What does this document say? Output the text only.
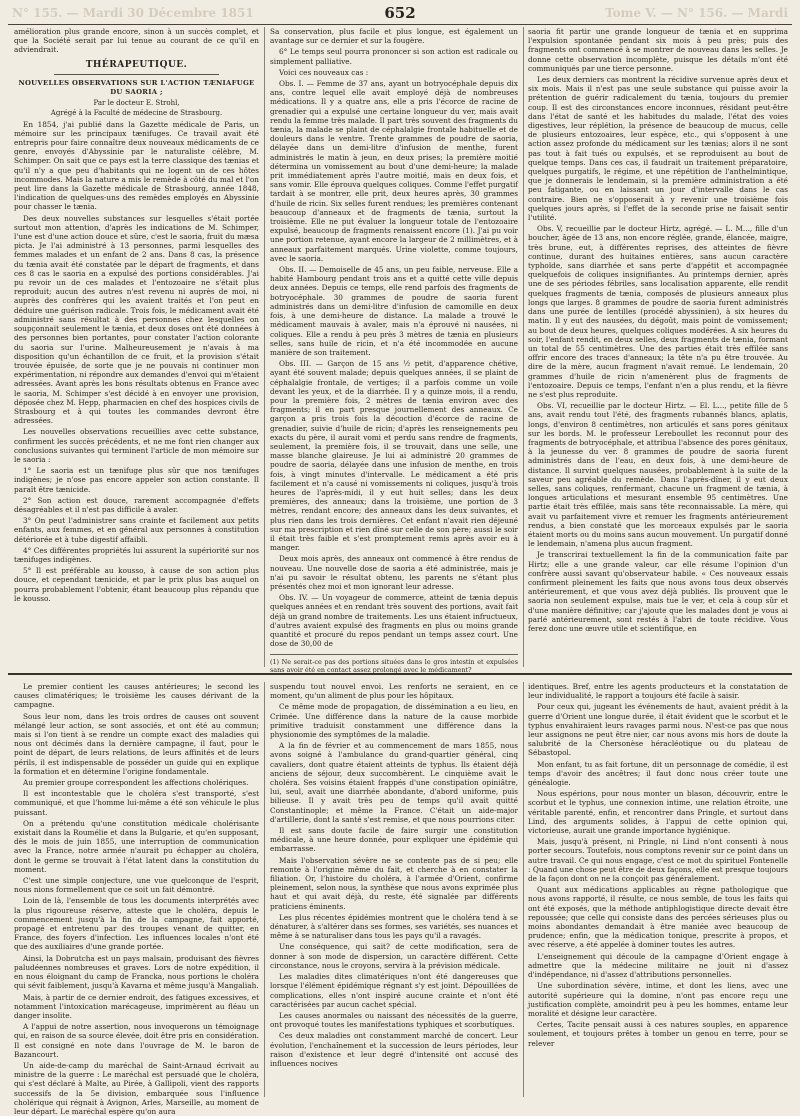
N° 155. — Mardi 30 Décembre 1851	652	Tome V. — N° 156. — Mardi

amélioration plus grande encore, sinon à un succès complet, et que la Société serait par lui tenue au courant de ce qu'il en adviendrait.

THÉRAPEUTIQUE.
NOUVELLES OBSERVATIONS SUR L'ACTION TÆNIAFUGE DU SAORIA ;
Par le docteur E. Strohl,
Agrégé à la Faculté de médecine de Strasbourg.

En 1854, j'ai publié dans la Gazette médicale de Paris, un mémoire sur les principaux tænifuges. Ce travail avait été entrepris pour faire connaître deux nouveaux médicaments de ce genre, envoyés d'Abyssinie par le naturaliste célèbre, M. Schimper. On sait que ce pays est la terre classique des tænias et qu'il n'y a que peu d'habitants qui ne logent un de ces hôtes incommodes. Mais la nature a mis le remède à côté du mal et l'on peut lire dans la Gazette médicale de Strasbourg, année 1848, l'indication de quelques-uns des remèdes employés en Abyssinie pour chasser le tænia.

Des deux nouvelles substances sur lesquelles s'était portée surtout mon attention, d'après les indications de M. Schimper, l'une est d'une action douce et sûre, c'est le saoria, fruit du mæsa picta. Je l'ai administré à 13 personnes, parmi lesquelles des femmes malades et un enfant de 2 ans. Dans 8 cas, la présence du tænia avait été constatée par le départ de fragments, et dans ces 8 cas le saoria en a expulsé des portions considérables. J'ai pu revoir un de ces malades et l'entozoaire ne s'était plus reproduit; aucun des autres n'est revenu ni auprès de moi, ni auprès des confrères qui les avaient traités et l'on peut en déduire une guérison radicale. Trois fois, le médicament avait été administré sans résultat à des personnes chez lesquelles on soupçonnait seulement le tænia, et deux doses ont été données à des personnes bien portantes, pour constater l'action colorante du saoria sur l'urine. Malheureusement je n'avais à ma disposition qu'un échantillon de ce fruit, et la provision s'était trouvée épuisée, de sorte que je ne pouvais ni continuer mon expérimentation, ni répondre aux demandes d'envoi qui m'étaient adressées. Avant après les bons résultats obtenus en France avec le saoria, M. Schimper s'est décidé à en envoyer une provision, déposée chez M. Hepp, pharmacien en chef des hospices civils de Strasbourg et à qui toutes les commandes devront être adressées.

Les nouvelles observations recueillies avec cette substance, confirment les succès précédents, et ne me font rien changer aux conclusions suivantes qui terminent l'article de mon mémoire sur le saoria :

1° Le saoria est un tænifuge plus sûr que nos tænifuges indigènes; je n'ose pas encore appeler son action constante. Il paraît être tænicide.

2° Son action est douce, rarement accompagnée d'effets désagréables et il n'est pas difficile à avaler.

3° On peut l'administrer sans crainte et facilement aux petits enfants, aux femmes, et en général aux personnes à constitution détériorée et à tube digestif affaibli.

4° Ces différentes propriétés lui assurent la supériorité sur nos tænifuges indigènes.

5° Il est préférable au kousso, à cause de son action plus douce, et cependant tænicide, et par le prix plus bas auquel on pourra probablement l'obtenir, étant beaucoup plus répandu que le kousso.

Sa conservation, plus facile et plus longue, est également un avantage sur ce dernier et sur la fougère.

6° Le temps seul pourra prononcer si son action est radicale ou simplement palliative.

Voici ces nouveaux cas :

Obs. I. — Femme de 37 ans, ayant un botryocéphale depuis dix ans, contre lequel elle avait employé déjà de nombreuses médications. Il y a quatre ans, elle a pris l'écorce de racine de grenadier qui a expulsé une certaine longueur du ver, mais avait rendu la femme très malade. Il part très souvent des fragments du tænia, la malade se plaint de céphalalgie frontale habituelle et de douleurs dans le ventre. Trente grammes de poudre de saoria, délayée dans un demi-litre d'infusion de menthe, furent administrés le matin à jeun, en deux prises; la première moitié détermina un vomissement au bout d'une demi-heure; la malade prit immédiatement après l'autre moitié, mais en deux fois, et sans vomir. Elle éprouva quelques coliques. Comme l'effet purgatif tardait à se montrer, elle prit, deux heures après, 30 grammes d'huile de ricin. Six selles furent rendues; les premières contenant beaucoup d'anneaux et de fragments de tænia, surtout la troisième. Elle ne put évaluer la longueur totale de l'entozoaire expulsé, beaucoup de fragments renaissent encore (1). J'ai pu voir une portion retenue, ayant encore la largeur de 2 millimètres, et à anneaux parfaitement marqués. Urine violette, comme toujours, avec le saoria.

Obs. II. — Demoiselle de 45 ans, un peu faible, nerveuse. Elle a habité Hambourg pendant trois ans et a quitté cette ville depuis deux années. Depuis ce temps, elle rend parfois des fragments de botryocéphale. 30 grammes de poudre de saoria furent administrés dans un demi-litre d'infusion de camomille en deux fois, à une demi-heure de distance. La malade a trouvé le médicament mauvais à avaler, mais n'a éprouvé ni nausées, ni coliques. Elle a rendu à peu près 3 mètres de tænia en plusieurs selles, sans huile de ricin, et n'a été incommodée en aucune manière de son traitement.

Obs. III. — Garçon de 15 ans ½ petit, d'apparence chétive, ayant été souvent malade; depuis quelques années, il se plaint de céphalalgie frontale, de vertiges; il a parfois comme un voile devant les yeux, et de la diarrhée. Il y a quinze mois, il a rendu, pour la première fois, 2 mètres de tænia environ avec des fragments; il en part presque journellement des anneaux. Ce garçon a pris trois fois la décoction d'écorce de racine de grenadier, suivie d'huile de ricin; d'après les renseignements peu exacts du père, il aurait vomi et perdu sans rendre de fragments, seulement, la première fois, il se trouvait, dans une selle, une masse blanche glaireuse. Je lui ai administré 20 grammes de poudre de saoria, délayée dans une infusion de menthe, en trois fois, à vingt minutes d'intervalle. Le médicament a été pris facilement et n'a causé ni vomissements ni coliques, jusqu'à trois heures de l'après-midi, il y eut huit selles; dans les deux premières, des anneaux; dans la troisième, une portion de 3 mètres, rendant encore; des anneaux dans les deux suivantes, et plus rien dans les trois dernières. Cet enfant n'avait rien déjeuné sur ma prescription et rien dîné sur celle de son père; aussi le soir il était très faible et s'est promptement remis après avoir eu à manger.

Deux mois après, des anneaux ont commencé à être rendus de nouveau. Une nouvelle dose de saoria a été administrée, mais je n'ai pu savoir le résultat obtenu, les parents ne s'étant plus présentés chez moi et mon ignorant leur adresse.

Obs. IV. — Un voyageur de commerce, atteint de tænia depuis quelques années et en rendant très souvent des portions, avait fait déjà un grand nombre de traitements. Les uns étaient infructueux, d'autres avaient expulsé des fragments en plus ou moins grande quantité et procuré du repos pendant un temps assez court. Une dose de 30,00 de

(1) Ne serait-ce pas des portions situées dans le gros intestin et expulsées sans avoir été en contact assez prolongé avec le médicament?

saoria fit partir une grande longueur de tænia et en supprima l'expulsion spontanée pendant six mois à peu près; puis des fragments ont commencé à se montrer de nouveau dans les selles. Je donne cette observation incomplète, puisque les détails m'ont été communiqués par une tierce personne.

Les deux derniers cas montrent la récidive survenue après deux et six mois. Mais il n'est pas une seule substance qui puisse avoir la prétention de guérir radicalement du tænia, toujours du premier coup. Il est des circonstances encore inconnues, résidant peut-être dans l'état de santé et les habitudes du malade, l'état des voies digestives, leur réplétion, la présence de beaucoup de mucus, celle de plusieurs entozoaires, leur espèce, etc., qui s'opposent à une action assez profonde du médicament sur les tænias; alors il ne sont pas tout à fait tués ou expulsés, et se reproduisent au bout de quelque temps. Dans ces cas, il faudrait un traitement préparatoire, quelques purgatifs, le régime, et une répétition de l'anthelmintique, que je donnerais le lendemain, si la première administration a été peu fatigante, ou en laissant un jour d'intervalle dans le cas contraire. Bien ne s'opposerait à y revenir une troisième fois quelques jours après, si l'effet de la seconde prise ne faisait sentir l'utilité.

Obs. V, recueillie par le docteur Hirtz, agrégé. — L. M..., fille d'un boucher, âgée de 13 ans, non encore réglée, grande, élancée, maigre, très brune, eut, à différentes reprises, des atteintes de fièvre continue, durant des huitaines entières, sans aucun caractère typhoïde, sans diarrhée et sans perte d'appétit et accompagnée quelquefois de coliques insignifiantes. Au printemps dernier, après une de ses périodes fébriles, sans localisation apparente, elle rendit quelques fragments de tænia, composés de plusieurs anneaux plus longs que larges. 8 grammes de poudre de saoria furent administrés dans une purée de lentilles (procédé abyssinien), à six heures du matin. Il y eut des nausées, du dégoût, mais point de vomissement; au bout de deux heures, quelques coliques modérées. A six heures du soir, l'enfant rendit, en deux selles, deux fragments de tænia, formant un total de 55 centimètres. Une des parties était très effilée sans offrir encore des traces d'anneaux; la tête n'a pu être trouvée. Au dire de la mère, aucun fragment n'avait remué. Le lendemain, 20 grammes d'huile de ricin n'amenèrent plus de fragments de l'entozoaire. Depuis ce temps, l'enfant n'en a plus rendu, et la fièvre ne s'est plus reproduite.

Obs. VI, recueillie par le docteur Hirtz. — El. L..., petite fille de 5 ans, avait rendu tout l'été, des fragments rubannés blancs, aplatis, longs, d'environ 8 centimètres, non articulés et sans pores génitaux sur les bords. M. le professeur Lereboullet les reconnut pour des fragments de botryocéphale, et attribua l'absence des pores génitaux, à la jeunesse du ver. 8 grammes de poudre de saoria furent administrés dans de l'eau, en deux fois, à une demi-heure de distance. Il survint quelques nausées, probablement à la suite de la saveur peu agréable du remède. Dans l'après-dîner, il y eut deux selles, sans coliques, renfermant, chacune un fragment de tænia, à longues articulations et mesurant ensemble 95 centimètres. Une partie était très effilée, mais sans tête reconnaissable. La mère, qui avait vu parfaitement vivre et remuer les fragments antérieurement rendus, a bien constaté que les morceaux expulsés par le saoria étaient morts ou du moins sans aucun mouvement. Un purgatif donné le lendemain, n'amena plus aucun fragment.

Je transcrirai textuellement la fin de la communication faite par Hirtz; elle a une grande valeur, car elle résume l'opinion d'un confrère aussi savant qu'observateur habile. « Ces nouveaux essais confirment pleinement les faits que nous avons tous deux observés antérieurement, et que vous avez déjà publiés. Ils prouvent que le saoria non seulement expulse, mais tue le ver, et cela à coup sûr et d'une manière définitive; car j'ajoute que les malades dont je vous ai parlé antérieurement, sont restés à l'abri de toute récidive. Vous ferez donc une œuvre utile et scientifique, en

Le premier contient les causes antérieures; le second les causes climatériques; le troisième les causes dérivant de la campagne.

Sous leur nom, dans les trois ordres de causes ont souvent mélangé leur action, se sont associés, et ont été au commun; mais si l'on tient à se rendre un compte exact des maladies qui nous ont décimés dans la dernière campagne, il faut, pour le point de départ, de leurs relations, de leurs affinités et de leurs périls, il est indispensable de posséder un guide qui en explique la formation et en détermine l'origine fondamentale.

Au premier groupe correspondent les affections cholériques.

Il est incontestable que le choléra s'est transporté, s'est communiqué, et que l'homme lui-même a été son véhicule le plus puissant.

On a prétendu qu'une constitution médicale cholérisante existait dans la Roumélie et dans la Bulgarie, et qu'en supposant, dès le mois de juin 1855, une interruption de communication avec la France, notre armée n'aurait pu échapper au choléra, dont le germe se trouvait à l'état latent dans la constitution du moment.

C'est une simple conjecture, une vue quelconque de l'esprit, nous nions formellement que ce soit un fait démontré.

Loin de là, l'ensemble de tous les documents interprétés avec la plus rigoureuse réserve, atteste que le choléra, depuis le commencement jusqu'à la fin de la campagne, fait apporté, propagé et entretenu par des troupes venant de quitter, en France, des foyers d'infection. Les influences locales n'ont été que des auxiliaires d'une grande portée.

Ainsi, la Dobrutcha est un pays malsain, produisant des fièvres paludéennes nombreuses et graves. Lors de notre expédition, il en nous éloignant du camp de Francka, nous portions le choléra qui sévit faiblement, jusqu'à Kavarna et même jusqu'à Mangaliah.

Mais, à partir de ce dernier endroit, des fatigues excessives, et notamment l'intoxication marécageuse, imprimèrent au fléau un danger insolite.

A l'appui de notre assertion, nous invoquerons un témoignage qui, en raison de sa source élevée, doit être pris en considération. Il est consigné en note dans l'ouvrage de M. le baron de Bazancourt.

Un aide-de-camp du maréchal de Saint-Arnaud écrivait au ministre de la guerre : Le maréchal est persuadé que le choléra, qui s'est déclaré à Malte, au Pirée, à Gallipoli, vient des rapports successifs de la 5e division, embarquée sous l'influence cholérique qui régnait à Avignon, Arles, Marseille, au moment de leur départ. Le maréchal espère qu'on aura

suspendu tout nouvel envoi. Les renforts ne seraient, en ce moment, qu'un aliment de plus pour les hôpitaux.

Ce même mode de propagation, de dissémination a eu lieu, en Crimée. Une différence dans la nature de la cause morbide primitive traduisit constamment une différence dans la physionomie des symptômes de la maladie.

A la fin de février et au commencement de mars 1855, nous avons soigné à l'ambulance du grand-quartier général, cinq cavaliers, dont quatre étaient atteints de typhus. Ils étaient déjà anciens de séjour, deux succombèrent. Le cinquième avait le choléra. Ses voisins étaient frappés d'une constipation opiniâtre, lui, seul, avait une diarrhée abondante, d'abord uniforme, puis bilieuse. Il y avait très peu de temps qu'il avait quitté Constantinople; et même la France. C'était un aide-major d'artillerie, dont la santé s'est remise, et que nous pourrions citer.

Il est sans doute facile de faire surgir une constitution médicale, à une heure donnée, pour expliquer une épidémie qui embarrasse.

Mais l'observation sévère ne se contente pas de si peu; elle remonte à l'origine même du fait, et cherche à en constater la filiation. Or, l'histoire du choléra, à l'armée d'Orient, confirme pleinement, selon nous, la synthèse que nous avons exprimée plus haut et qui avait déjà, du reste, été signalée par différents praticiens éminents.

Les plus récentes épidémies montrent que le choléra tend à se dénaturer, à s'altérer dans ses formes, ses variétés, ses nuances et même à se naturaliser dans tous les pays qu'il a ravagés.

Une conséquence, qui sait? de cette modification, sera de donner à son mode de dispersion, un caractère différent. Cette circonstance, nous le croyons, servira à la prévision médicale.

Les maladies dites climatériques n'ont été dangereuses que lorsque l'élément épidémique régnant s'y est joint. Dépouillées de complications, elles n'ont inspiré aucune crainte et n'ont été caractérisées par aucun cachet spécial.

Les causes anormales ou naissant des nécessités de la guerre, ont provoqué toutes les manifestations typhiques et scorbutiques.

Ces deux maladies ont constamment marché de concert. Leur évolution, l'enchaînement et la succession de leurs périodes, leur raison d'existence et leur degré d'intensité ont accusé des influences nocives

identiques. Bref, entre les agents producteurs et la constatation de leur individualité, le rapport a toujours été facile à saisir.

Pour ceux qui, jugeant les événements de haut, avaient prédit à la guerre d'Orient une longue durée, il était évident que le scorbut et le typhus envahiraient leurs ravages parmi nous. N'est-ce pas que nous leur assignons ne peut être nier, car nous avons mis hors de doute la salubrité de la Chersonèse héracléotique ou du plateau de Sébastopol.

Mon enfant, tu as fait fortune, dit un personnage de comédie, il est temps d'avoir des ancêtres; il faut donc nous créer toute une généalogie.

Nous espérions, pour nous monter un blason, découvrir, entre le scorbut et le typhus, une connexion intime, une relation étroite, une véritable parenté, enfin, et rencontrer dans Pringle, et surtout dans Lind, des arguments solides, à l'appui de cette opinion qui, victorieuse, aurait une grande importance hygiénique.

Mais, jusqu'à présent, ni Pringle, ni Lind n'ont consenti à nous porter secours. Toutefois, nous comptons revenir sur ce point dans un autre travail. Ce qui nous engage, c'est ce mot du spirituel Fontenelle : Quand une chose peut être de deux façons, elle est presque toujours de la façon dont on ne la conçoit pas généralement.

Quant aux médications applicables au règne pathologique que nous avons rapporté, il résulte, ce nous semble, de tous les faits qui ont été exposés, que la méthode antiphlogistique directe devait être repoussée; que celle qui consiste dans des percées sérieuses plus ou moins abondantes demandait à être maniée avec beaucoup de prudence; enfin, que la médication tonique, prescrite à propos, et avec réserve, a été appelée à dominer toutes les autres.

L'enseignement qui découle de la campagne d'Orient engage à admettre que la médecine militaire ne jouit ni d'assez d'indépendance, ni d'assez d'attributions personnelles.

Une subordination sévère, intime, et dont les liens, avec une autorité supérieure qui la domine, n'ont pas encore reçu une justification complète, amoindrit peu à peu les hommes, entame leur moralité et désigne leur caractère.

Certes, Tacite pensait aussi à ces natures souples, en apparence soulement, et toujours prêtes à tomber un genou en terre, pour se relever
